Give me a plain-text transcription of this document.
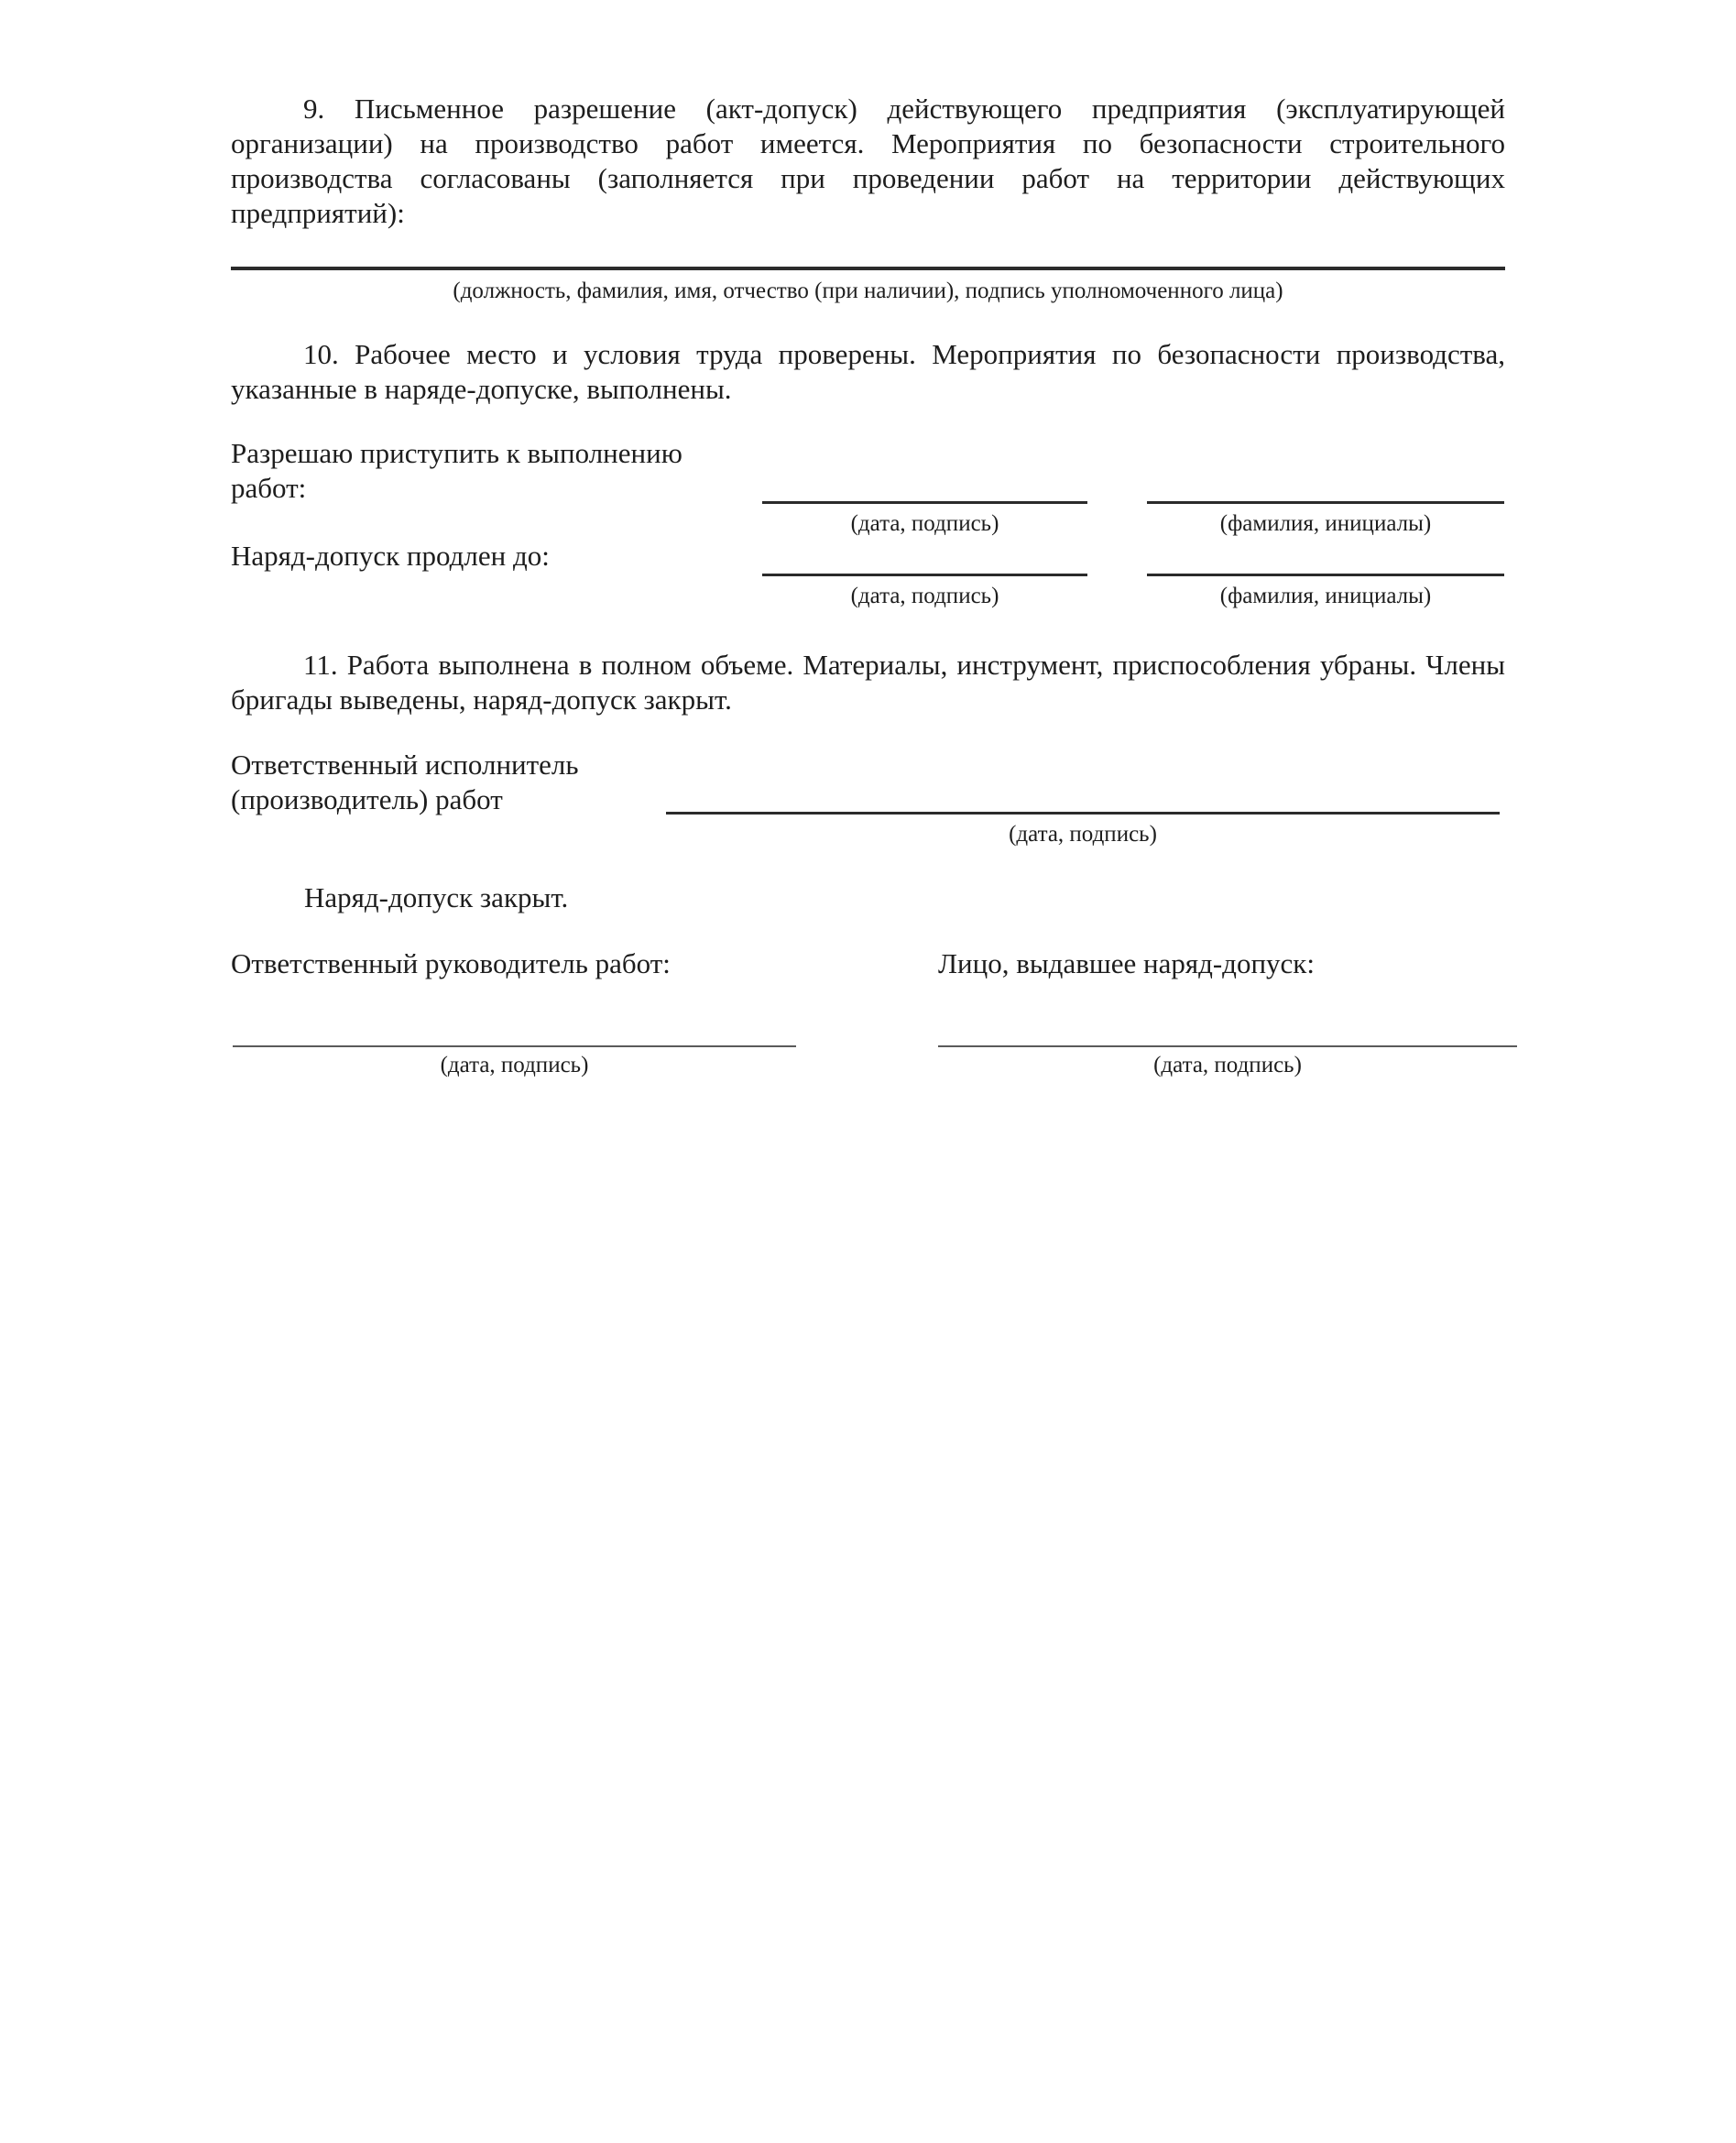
9. Письменное разрешение (акт-допуск) действующего предприятия (эксплуатирующей организации) на производство работ имеется. Мероприятия по безопасности строительного производства согласованы (заполняется при проведении работ на территории действующих предприятий):

(должность, фамилия, имя, отчество (при наличии), подпись уполномоченного лица)

10. Рабочее место и условия труда проверены. Мероприятия по безопасности производства, указанные в наряде-допуске, выполнены.

Разрешаю приступить к выполнению работ:

(дата, подпись)	(фамилия, инициалы)

Наряд-допуск продлен до:

(дата, подпись)	(фамилия, инициалы)

11. Работа выполнена в полном объеме. Материалы, инструмент, приспособления убраны. Члены бригады выведены, наряд-допуск закрыт.

Ответственный исполнитель (производитель) работ

(дата, подпись)

Наряд-допуск закрыт.

Ответственный руководитель работ:	Лицо, выдавшее наряд-допуск:

(дата, подпись)	(дата, подпись)
